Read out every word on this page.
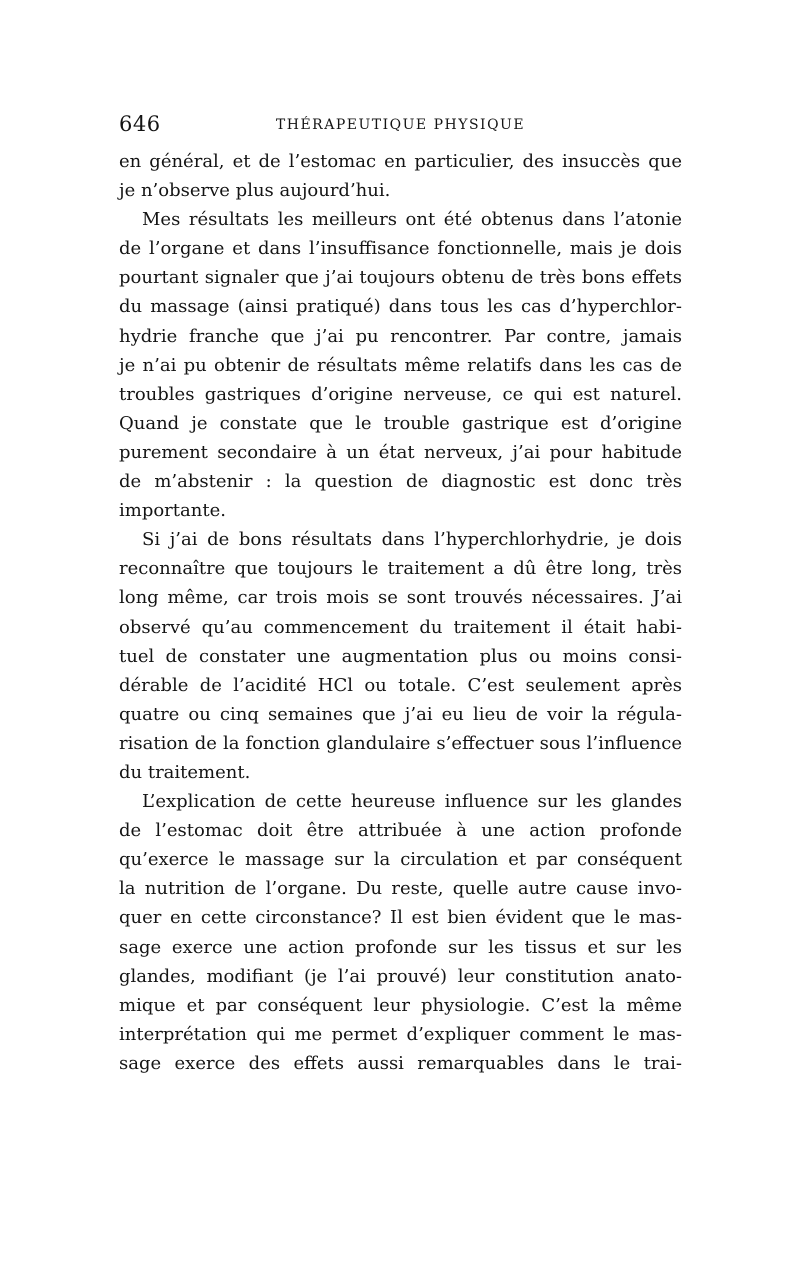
646	THÉRAPEUTIQUE PHYSIQUE
en général, et de l’estomac en particulier, des insuccès que
je n’observe plus aujourd’hui.
Mes résultats les meilleurs ont été obtenus dans l’atonie
de l’organe et dans l’insuffisance fonctionnelle, mais je dois
pourtant signaler que j’ai toujours obtenu de très bons effets
du massage (ainsi pratiqué) dans tous les cas d’hyperchlor-
hydrie franche que j’ai pu rencontrer. Par contre, jamais
je n’ai pu obtenir de résultats même relatifs dans les cas de
troubles gastriques d’origine nerveuse, ce qui est naturel.
Quand je constate que le trouble gastrique est d’origine
purement secondaire à un état nerveux, j’ai pour habitude
de m’abstenir : la question de diagnostic est donc très
importante.
Si j’ai de bons résultats dans l’hyperchlorhydrie, je dois
reconnaître que toujours le traitement a dû être long, très
long même, car trois mois se sont trouvés nécessaires. J’ai
observé qu’au commencement du traitement il était habi-
tuel de constater une augmentation plus ou moins consi-
dérable de l’acidité HCl ou totale. C’est seulement après
quatre ou cinq semaines que j’ai eu lieu de voir la régula-
risation de la fonction glandulaire s’effectuer sous l’influence
du traitement.
L’explication de cette heureuse influence sur les glandes
de l’estomac doit être attribuée à une action profonde
qu’exerce le massage sur la circulation et par conséquent
la nutrition de l’organe. Du reste, quelle autre cause invo-
quer en cette circonstance? Il est bien évident que le mas-
sage exerce une action profonde sur les tissus et sur les
glandes, modifiant (je l’ai prouvé) leur constitution anato-
mique et par conséquent leur physiologie. C’est la même
interprétation qui me permet d’expliquer comment le mas-
sage exerce des effets aussi remarquables dans le trai-
